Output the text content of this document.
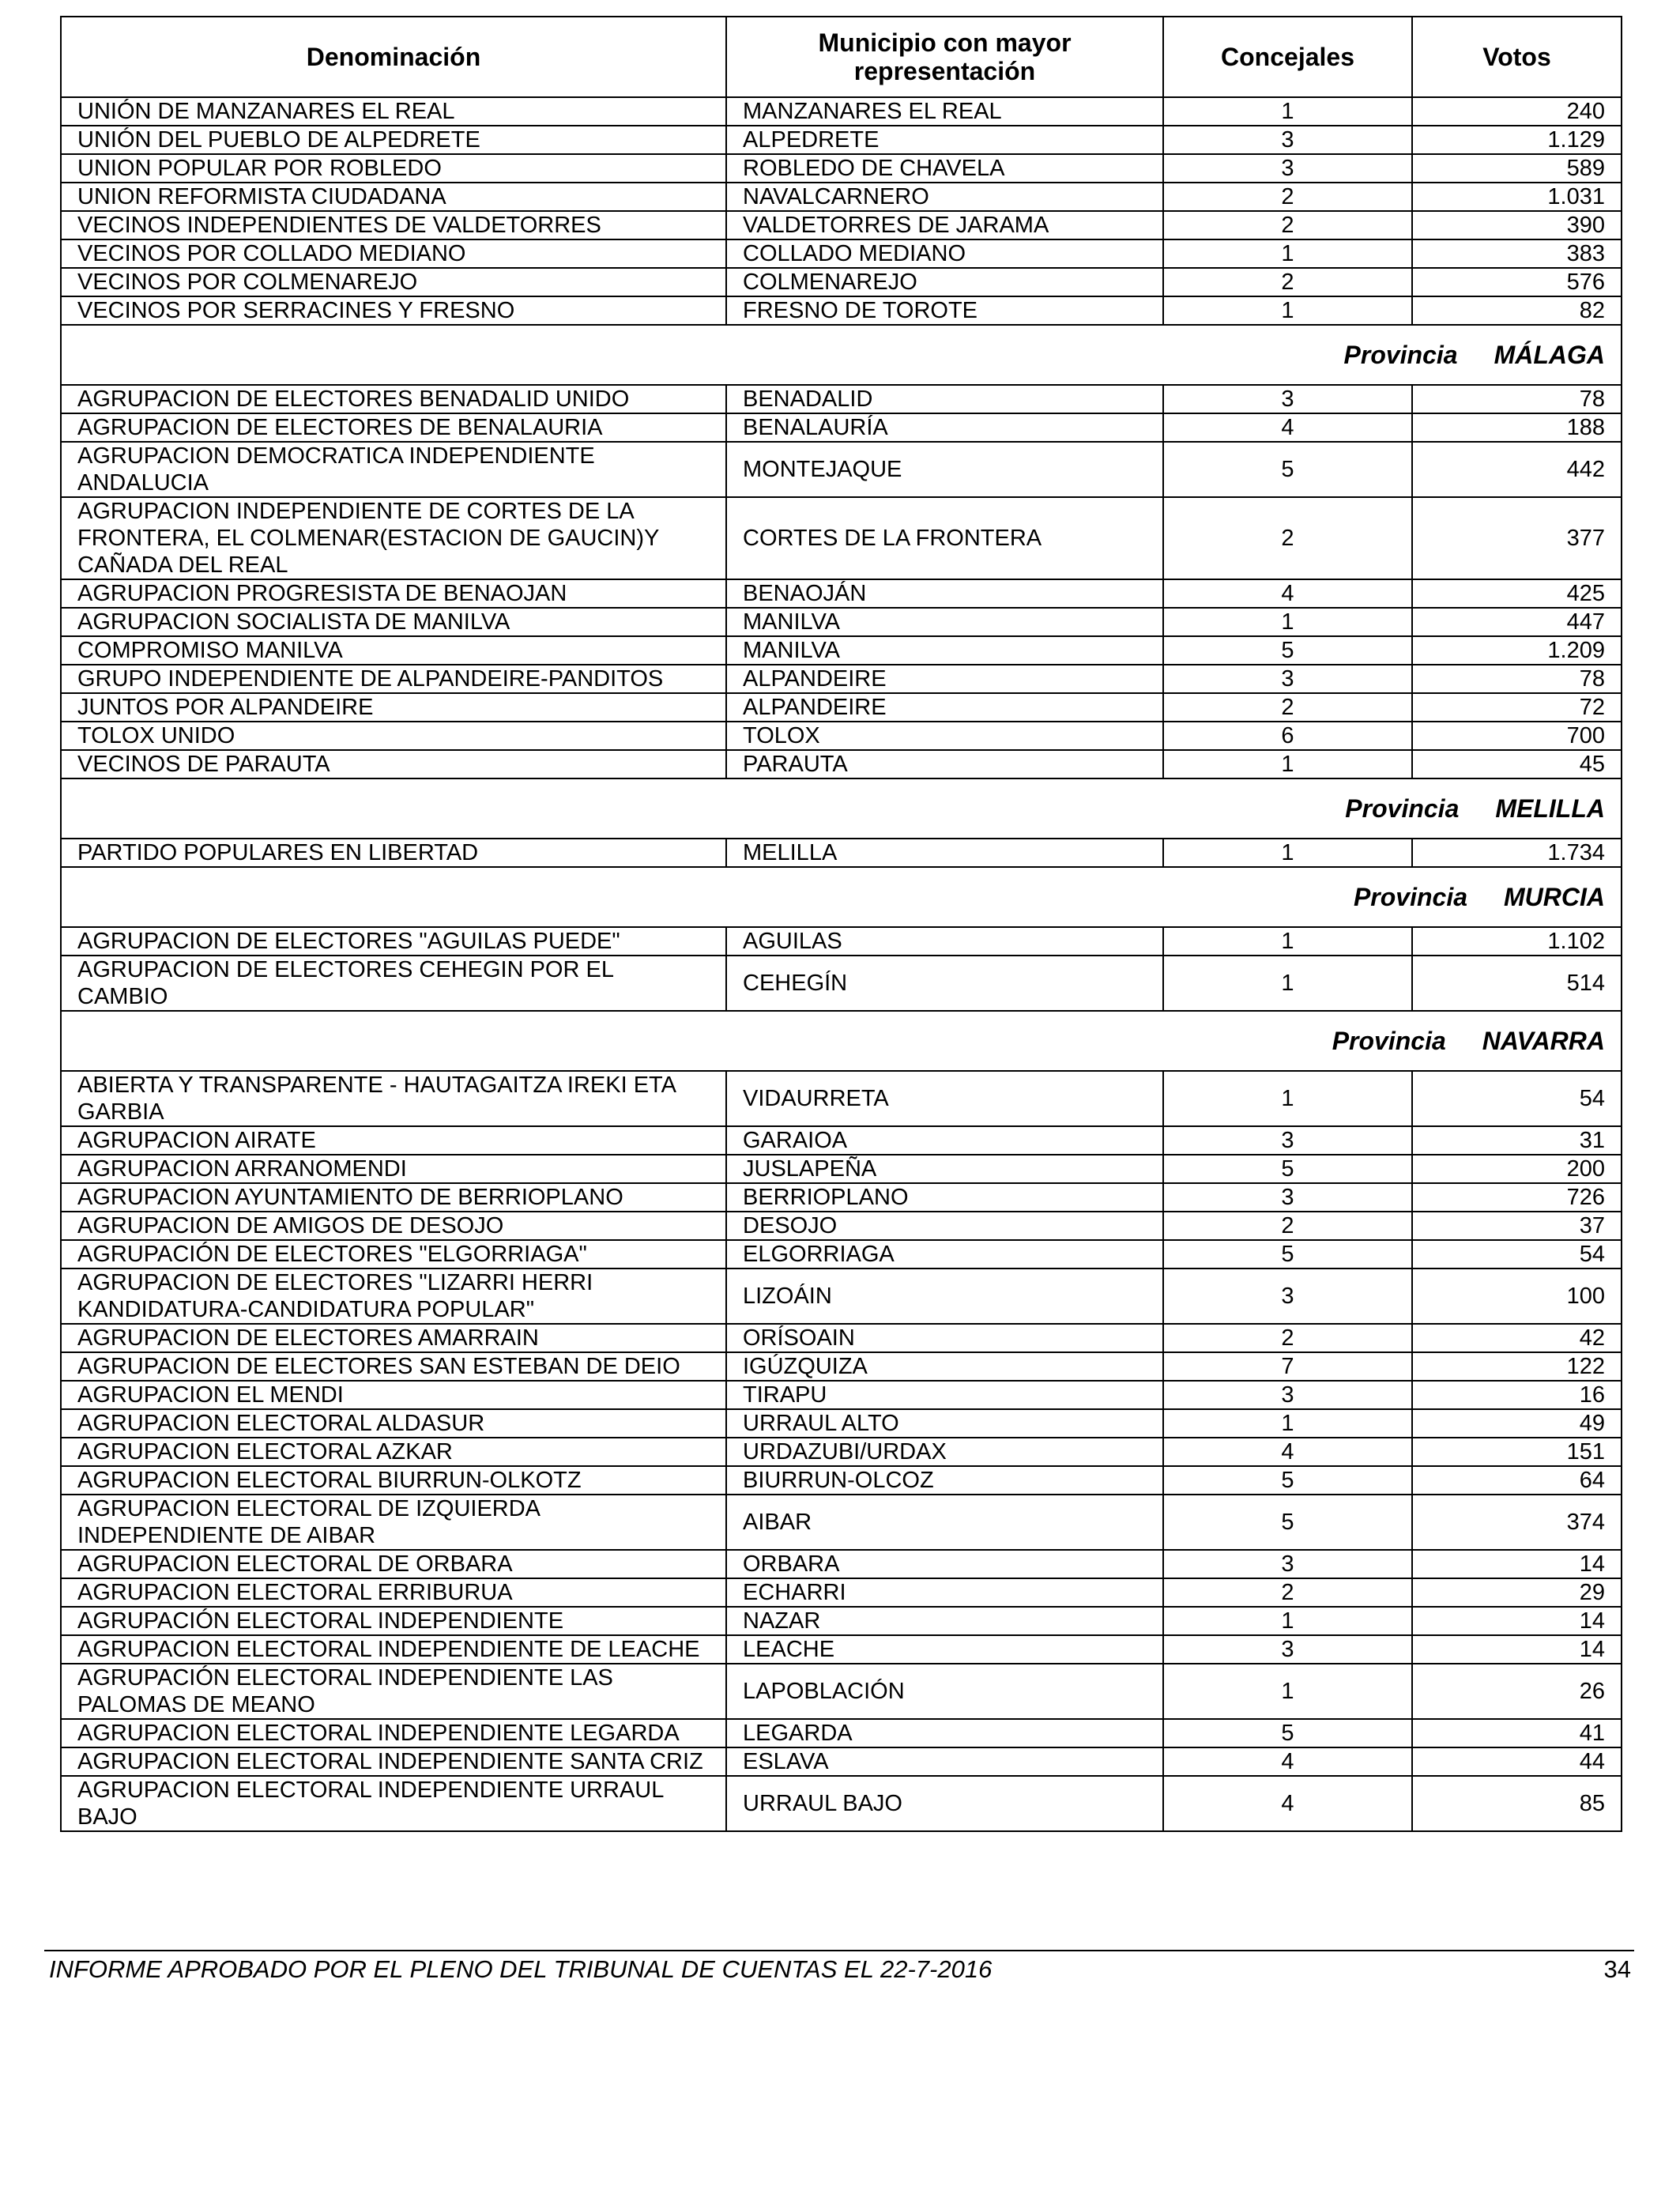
Denominación	Municipio con mayor representación	Concejales	Votos
UNIÓN DE MANZANARES EL REAL	MANZANARES EL REAL	1	240
UNIÓN DEL PUEBLO DE ALPEDRETE	ALPEDRETE	3	1.129
UNION POPULAR POR ROBLEDO	ROBLEDO DE CHAVELA	3	589
UNION REFORMISTA CIUDADANA	NAVALCARNERO	2	1.031
VECINOS INDEPENDIENTES DE VALDETORRES	VALDETORRES DE JARAMA	2	390
VECINOS POR COLLADO MEDIANO	COLLADO MEDIANO	1	383
VECINOS POR COLMENAREJO	COLMENAREJO	2	576
VECINOS POR SERRACINES Y FRESNO	FRESNO DE TOROTE	1	82
Provincia MÁLAGA			
AGRUPACION DE ELECTORES BENADALID UNIDO	BENADALID	3	78
AGRUPACION DE ELECTORES DE BENALAURIA	BENALAURÍA	4	188
AGRUPACION DEMOCRATICA INDEPENDIENTE ANDALUCIA	MONTEJAQUE	5	442
AGRUPACION INDEPENDIENTE DE CORTES DE LA FRONTERA, EL COLMENAR(ESTACION DE GAUCIN)Y CAÑADA DEL REAL	CORTES DE LA FRONTERA	2	377
AGRUPACION PROGRESISTA DE BENAOJAN	BENAOJÁN	4	425
AGRUPACION SOCIALISTA DE MANILVA	MANILVA	1	447
COMPROMISO MANILVA	MANILVA	5	1.209
GRUPO INDEPENDIENTE DE ALPANDEIRE-PANDITOS	ALPANDEIRE	3	78
JUNTOS POR ALPANDEIRE	ALPANDEIRE	2	72
TOLOX UNIDO	TOLOX	6	700
VECINOS DE PARAUTA	PARAUTA	1	45
Provincia MELILLA			
PARTIDO POPULARES EN LIBERTAD	MELILLA	1	1.734
Provincia MURCIA			
AGRUPACION DE ELECTORES "AGUILAS PUEDE"	AGUILAS	1	1.102
AGRUPACION DE ELECTORES CEHEGIN POR EL CAMBIO	CEHEGÍN	1	514
Provincia NAVARRA			
ABIERTA Y TRANSPARENTE - HAUTAGAITZA IREKI ETA GARBIA	VIDAURRETA	1	54
AGRUPACION AIRATE	GARAIOA	3	31
AGRUPACION ARRANOMENDI	JUSLAPEÑA	5	200
AGRUPACION AYUNTAMIENTO DE BERRIOPLANO	BERRIOPLANO	3	726
AGRUPACION DE AMIGOS DE DESOJO	DESOJO	2	37
AGRUPACIÓN DE ELECTORES "ELGORRIAGA"	ELGORRIAGA	5	54
AGRUPACION DE ELECTORES "LIZARRI HERRI KANDIDATURA-CANDIDATURA POPULAR"	LIZOÁIN	3	100
AGRUPACION DE ELECTORES AMARRAIN	ORÍSOAIN	2	42
AGRUPACION DE ELECTORES SAN ESTEBAN DE DEIO	IGÚZQUIZA	7	122
AGRUPACION EL MENDI	TIRAPU	3	16
AGRUPACION ELECTORAL ALDASUR	URRAUL ALTO	1	49
AGRUPACION ELECTORAL AZKAR	URDAZUBI/URDAX	4	151
AGRUPACION ELECTORAL BIURRUN-OLKOTZ	BIURRUN-OLCOZ	5	64
AGRUPACION ELECTORAL DE IZQUIERDA INDEPENDIENTE DE AIBAR	AIBAR	5	374
AGRUPACION ELECTORAL DE ORBARA	ORBARA	3	14
AGRUPACION ELECTORAL ERRIBURUA	ECHARRI	2	29
AGRUPACIÓN ELECTORAL INDEPENDIENTE	NAZAR	1	14
AGRUPACION ELECTORAL INDEPENDIENTE DE LEACHE	LEACHE	3	14
AGRUPACIÓN ELECTORAL INDEPENDIENTE LAS PALOMAS DE MEANO	LAPOBLACIÓN	1	26
AGRUPACION ELECTORAL INDEPENDIENTE LEGARDA	LEGARDA	5	41
AGRUPACION ELECTORAL INDEPENDIENTE SANTA CRIZ	ESLAVA	4	44
AGRUPACION ELECTORAL INDEPENDIENTE URRAUL BAJO	URRAUL BAJO	4	85
INFORME APROBADO POR EL PLENO DEL TRIBUNAL DE CUENTAS EL 22-7-2016	34
